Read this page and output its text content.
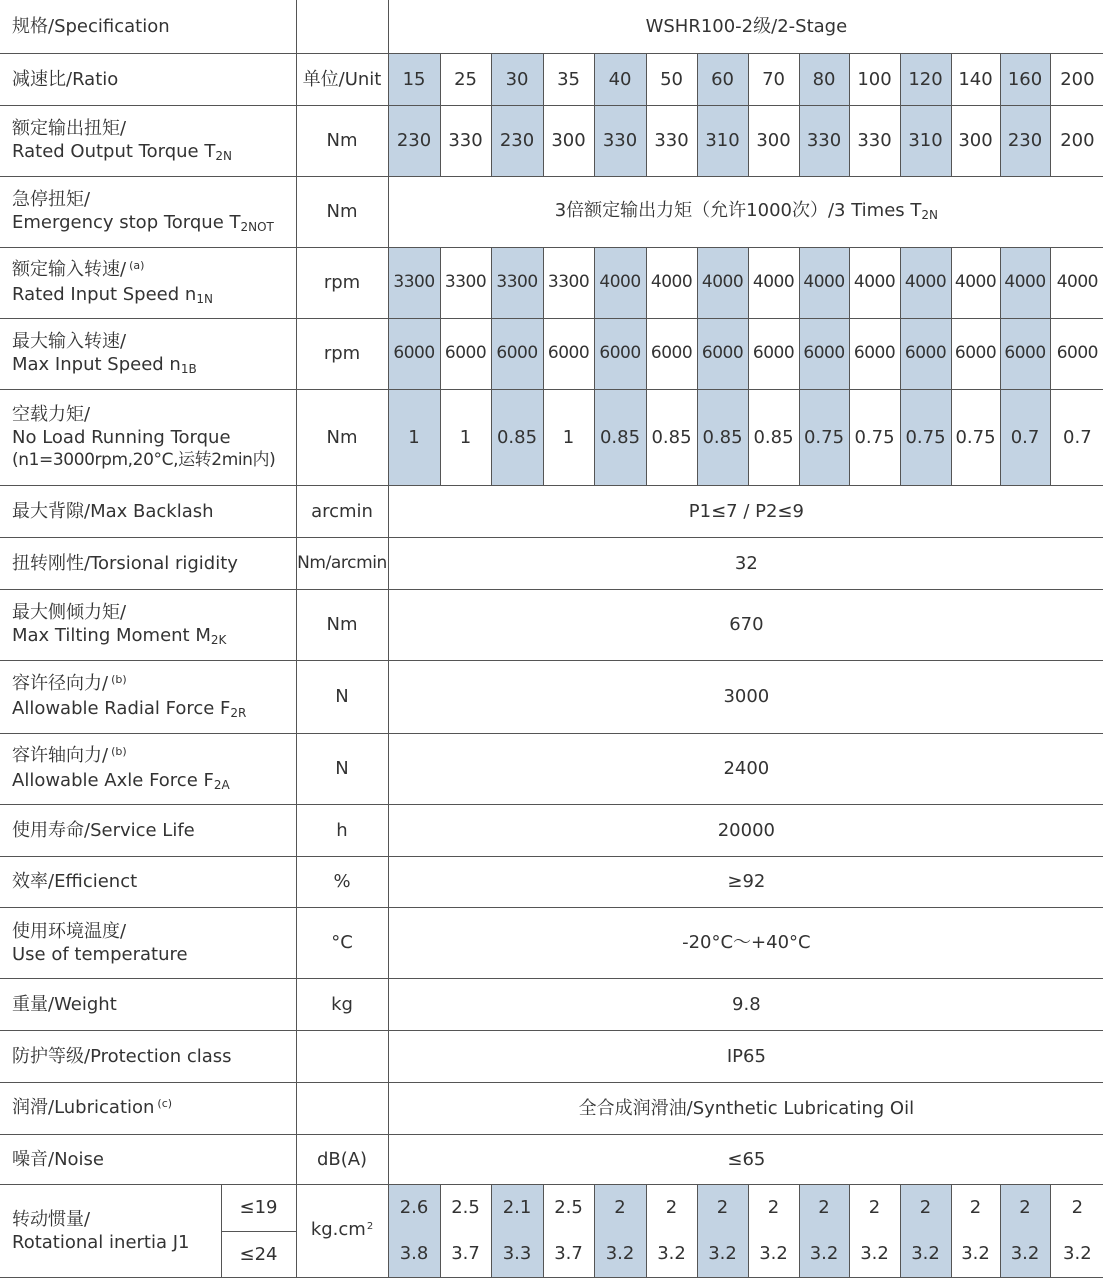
规格/Specification			WSHR100-2级/2-Stage													
减速比/Ratio		单位/Unit	15	25	30	35	40	50	60	70	80	100	120	140	160	200

额定输出扭矩/
Rated Output Torque T2N		Nm	230	330	230	300	330	330	310	300	330	330	310	300	230	200

急停扭矩/
Emergency stop Torque T2NOT		Nm	3倍额定输出力矩（允许1000次）/3 Times T2N													

额定输入转速/ $^{(a)}$
Rated Input Speed n1N		rpm	3300	3300	3300	3300	4000	4000	4000	4000	4000	4000	4000	4000	4000	4000

最大输入转速/
Max Input Speed n1B		rpm	6000	6000	6000	6000	6000	6000	6000	6000	6000	6000	6000	6000	6000	6000

空载力矩/
No Load Running Torque
(n1=3000rpm,20°C,运转2min内)		Nm	1	1	0.85	1	0.85	0.85	0.85	0.85	0.75	0.75	0.75	0.75	0.7	0.7
最大背隙/Max Backlash		arcmin	P1≤7 / P2≤9													
扭转刚性/Torsional rigidity		Nm/arcmin	32													

最大侧倾力矩/
Max Tilting Moment M2K		Nm	670													

容许径向力/ $^{(b)}$
Allowable Radial Force F2R		N	3000													

容许轴向力/ $^{(b)}$
Allowable Axle Force F2A		N	2400													
使用寿命/Service Life		h	20000													
效率/Efficienct		%	≥92													

使用环境温度/
Use of temperature		°C	-20°C～+40°C													
重量/Weight		kg	9.8													
防护等级/Protection class			IP65													
润滑/Lubrication $^{(c)}$			全合成润滑油/Synthetic Lubricating Oil													
噪音/Noise		dB(A)	≤65													

转动惯量/
Rotational inertia J1	≤19	$kg.cm^2$	2.6	2.5	2.1	2.5	2	2	2	2	2	2	2	2	2	2
	≤24		3.8	3.7	3.3	3.7	3.2	3.2	3.2	3.2	3.2	3.2	3.2	3.2	3.2	3.2
